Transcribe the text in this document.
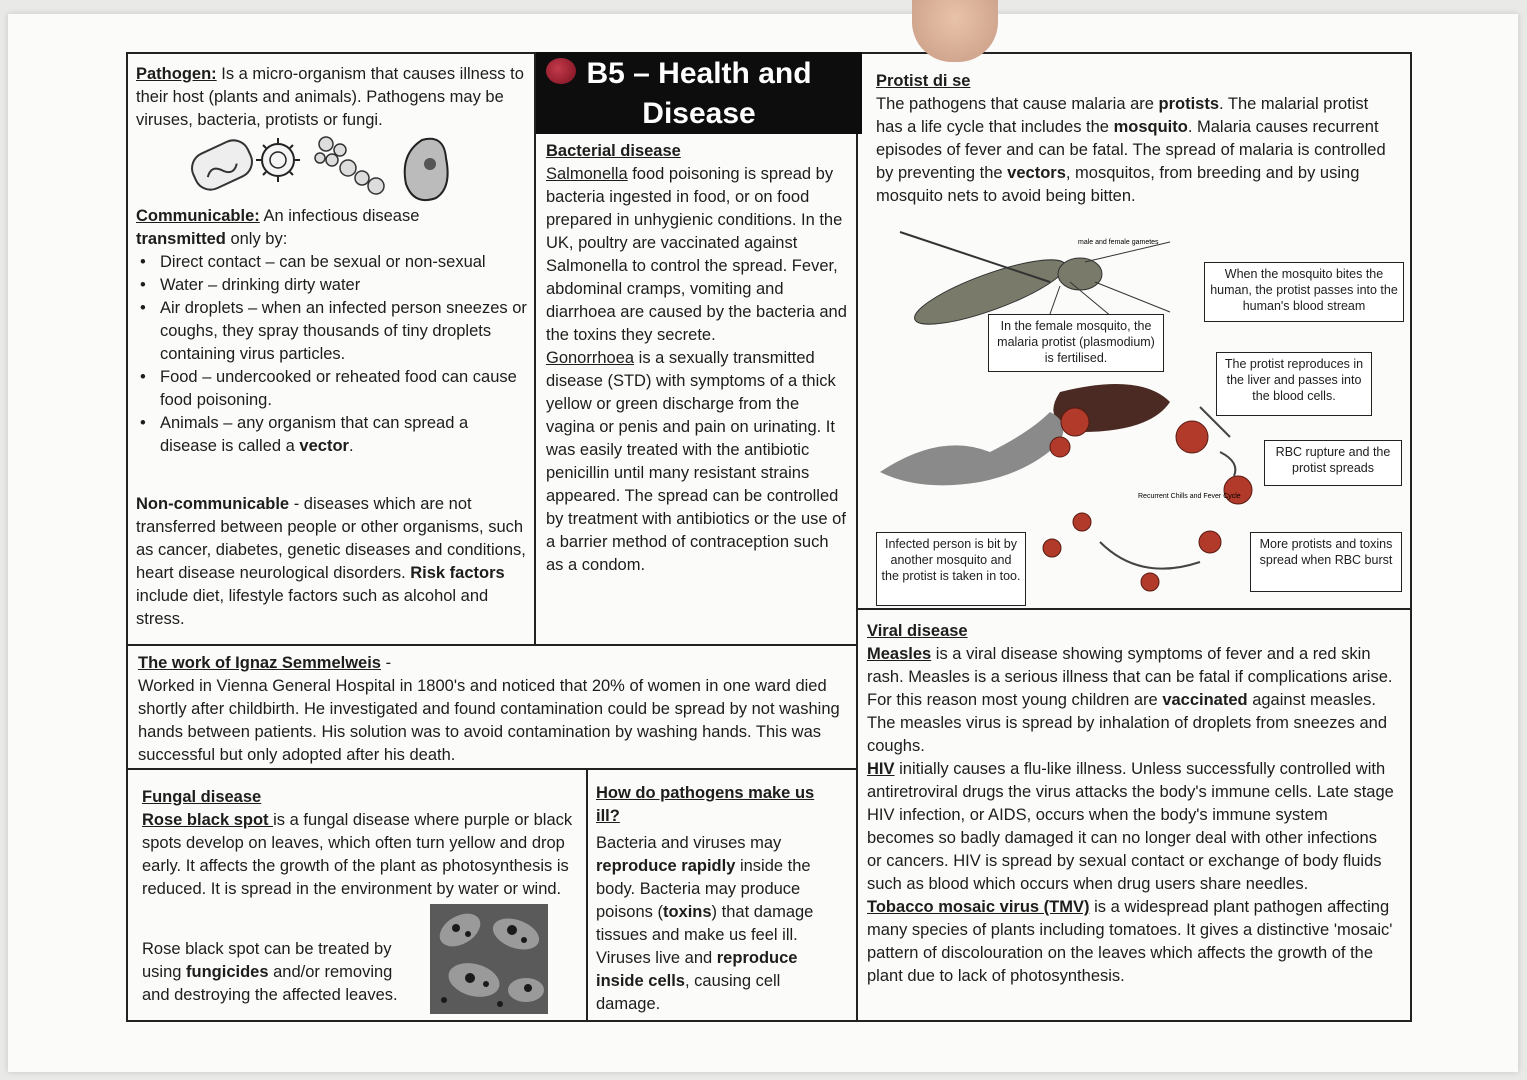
B5 – Health and
Disease

Pathogen: Is a micro-organism that causes illness to their host (plants and animals). Pathogens may be viruses, bacteria, protists or fungi.

Communicable: An infectious disease

transmitted only by:

• Direct contact – can be sexual or non-sexual
• Water – drinking dirty water
• Air droplets – when an infected person sneezes or coughs, they spray thousands of tiny droplets containing virus particles.
• Food – undercooked or reheated food can cause food poisoning.
• Animals – any organism that can spread a disease is called a vector.

Non-communicable - diseases which are not transferred between people or other organisms, such as cancer, diabetes, genetic diseases and conditions, heart disease neurological disorders. Risk factors include diet, lifestyle factors such as alcohol and stress.

Bacterial disease

Salmonella food poisoning is spread by bacteria ingested in food, or on food prepared in unhygienic conditions. In the UK, poultry are vaccinated against Salmonella to control the spread. Fever, abdominal cramps, vomiting and diarrhoea are caused by the bacteria and the toxins they secrete.

Gonorrhoea is a sexually transmitted disease (STD) with symptoms of a thick yellow or green discharge from the vagina or penis and pain on urinating. It was easily treated with the antibiotic penicillin until many resistant strains appeared. The spread can be controlled by treatment with antibiotics or the use of a barrier method of contraception such as a condom.

Protist di se

The pathogens that cause malaria are protists. The malarial protist has a life cycle that includes the mosquito. Malaria causes recurrent episodes of fever and can be fatal. The spread of malaria is controlled by preventing the vectors, mosquitos, from breeding and by using mosquito nets to avoid being bitten.

male and female gametes
Recurrent Chills and Fever Cycle
In the female mosquito, the malaria protist (plasmodium) is fertilised.
When the mosquito bites the human, the protist passes into the human's blood stream
The protist reproduces in the liver and passes into the blood cells.
RBC rupture and the protist spreads
More protists and toxins spread when RBC burst
Infected person is bit by another mosquito and the protist is taken in too.

The work of Ignaz Semmelweis -

Worked in Vienna General Hospital in 1800's and noticed that 20% of women in one ward died shortly after childbirth. He investigated and found contamination could be spread by not washing hands between patients. His solution was to avoid contamination by washing hands. This was successful but only adopted after his death.

Viral disease

Measles is a viral disease showing symptoms of fever and a red skin rash. Measles is a serious illness that can be fatal if complications arise. For this reason most young children are vaccinated against measles. The measles virus is spread by inhalation of droplets from sneezes and coughs.

HIV initially causes a flu-like illness. Unless successfully controlled with antiretroviral drugs the virus attacks the body's immune cells. Late stage HIV infection, or AIDS, occurs when the body's immune system becomes so badly damaged it can no longer deal with other infections or cancers. HIV is spread by sexual contact or exchange of body fluids such as blood which occurs when drug users share needles.

Tobacco mosaic virus (TMV) is a widespread plant pathogen affecting many species of plants including tomatoes. It gives a distinctive 'mosaic' pattern of discolouration on the leaves which affects the growth of the plant due to lack of photosynthesis.

Fungal disease

Rose black spot is a fungal disease where purple or black spots develop on leaves, which often turn yellow and drop early. It affects the growth of the plant as photosynthesis is reduced. It is spread in the environment by water or wind.

Rose black spot can be treated by using fungicides and/or removing and destroying the affected leaves.

How do pathogens make us ill?

Bacteria and viruses may reproduce rapidly inside the body. Bacteria may produce poisons (toxins) that damage tissues and make us feel ill. Viruses live and reproduce inside cells, causing cell damage.
